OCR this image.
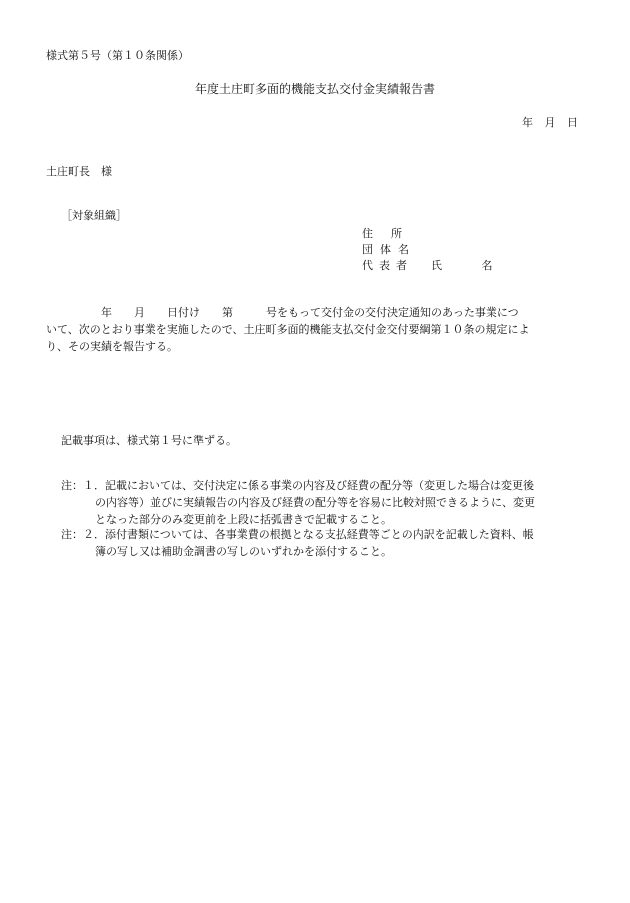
様式第５号（第１０条関係）
年度土庄町多面的機能支払交付金実績報告書
年 月 日
土庄町長　様
［対象組織］
住所
団体名
代表者 氏 名
　　　　　年　　月　　日付け　　第　　　号をもって交付金の交付決定通知のあった事業につ
いて、次のとおり事業を実施したので、土庄町多面的機能支払交付金交付要綱第１０条の規定によ
り、その実績を報告する。
記載事項は、様式第１号に準ずる。
注：１．記載においては、交付決定に係る事業の内容及び経費の配分等（変更した場合は変更後
の内容等）並びに実績報告の内容及び経費の配分等を容易に比較対照できるように、変更
となった部分のみ変更前を上段に括弧書きで記載すること。
注：２．添付書類については、各事業費の根拠となる支払経費等ごとの内訳を記載した資料、帳
簿の写し又は補助金調書の写しのいずれかを添付すること。
